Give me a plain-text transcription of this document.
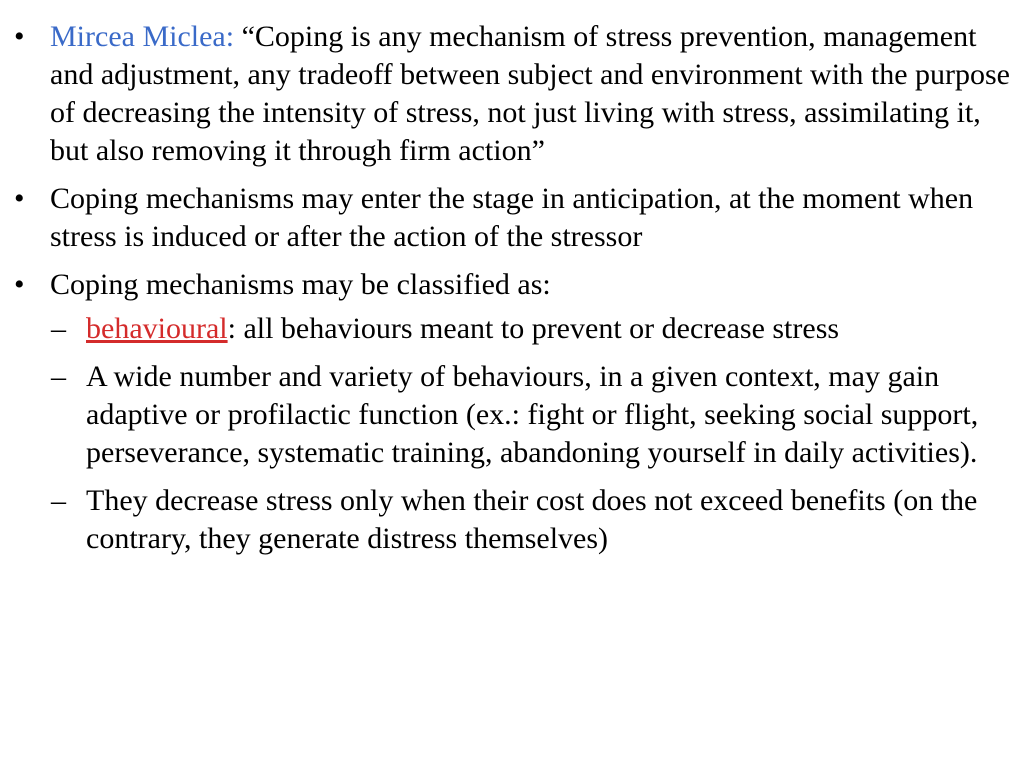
• Mircea Miclea: “Coping is any mechanism of stress prevention, management and adjustment, any tradeoff between subject and environment with the purpose of decreasing the intensity of stress, not just living with stress, assimilating it, but also removing it through firm action”
• Coping mechanisms may enter the stage in anticipation, at the moment when stress is induced or after the action of the stressor
• Coping mechanisms may be classified as:
– behavioural: all behaviours meant to prevent or decrease stress
– A wide number and variety of behaviours, in a given context, may gain adaptive or profilactic function (ex.: fight or flight, seeking social support, perseverance, systematic training, abandoning yourself in daily activities).
– They decrease stress only when their cost does not exceed benefits (on the contrary, they generate distress themselves)
